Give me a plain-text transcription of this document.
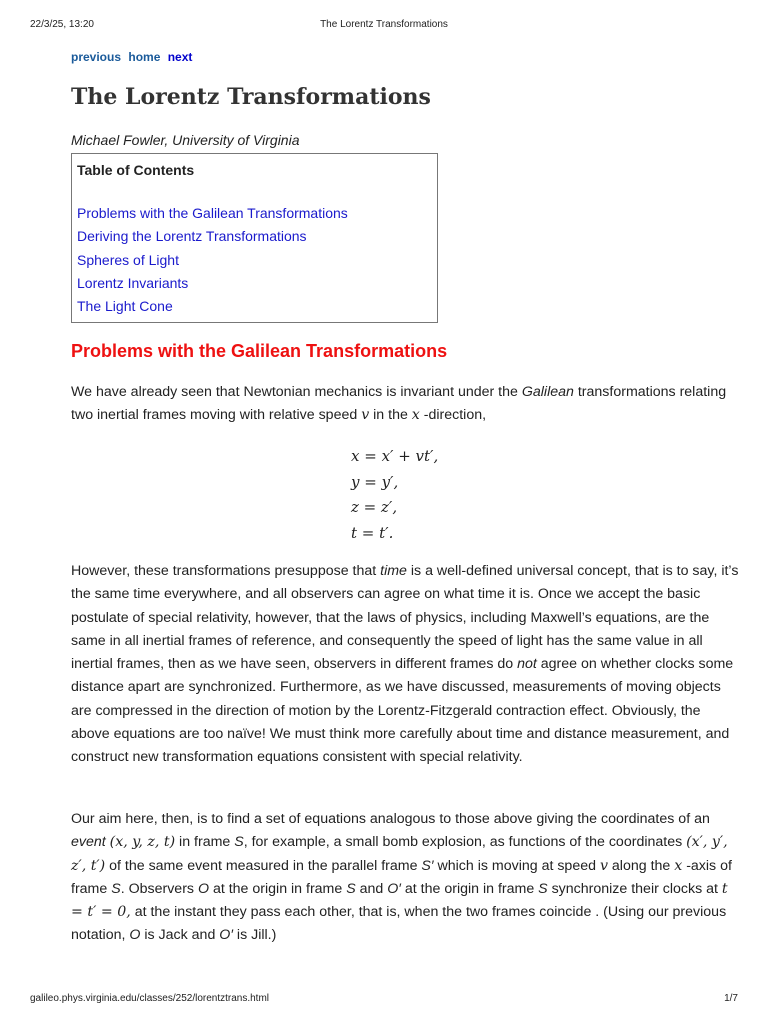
22/3/25, 13:20	The Lorentz Transformations
previous home next
The Lorentz Transformations
Michael Fowler, University of Virginia
Table of Contents
Problems with the Galilean Transformations
Deriving the Lorentz Transformations
Spheres of Light
Lorentz Invariants
The Light Cone
Problems with the Galilean Transformations

We have already seen that Newtonian mechanics is invariant under the Galilean transformations relating two inertial frames moving with relative speed v in the x -direction,

x = x′ + vt′,
y = y′,
z = z′,
t = t′.

However, these transformations presuppose that time is a well-defined universal concept, that is to say, it’s the same time everywhere, and all observers can agree on what time it is. Once we accept the basic postulate of special relativity, however, that the laws of physics, including Maxwell’s equations, are the same in all inertial frames of reference, and consequently the speed of light has the same value in all inertial frames, then as we have seen, observers in different frames do not agree on whether clocks some distance apart are synchronized. Furthermore, as we have discussed, measurements of moving objects are compressed in the direction of motion by the Lorentz-Fitzgerald contraction effect. Obviously, the above equations are too naïve! We must think more carefully about time and distance measurement, and construct new transformation equations consistent with special relativity.

Our aim here, then, is to find a set of equations analogous to those above giving the coordinates of an event (x, y, z, t) in frame S, for example, a small bomb explosion, as functions of the coordinates (x′, y′, z′, t′) of the same event measured in the parallel frame S′ which is moving at speed v along the x -axis of frame S. Observers O at the origin in frame S and O′ at the origin in frame S synchronize their clocks at t = t′ = 0, at the instant they pass each other, that is, when the two frames coincide . (Using our previous notation, O is Jack and O′ is Jill.)

galileo.phys.virginia.edu/classes/252/lorentztrans.html	1/7
